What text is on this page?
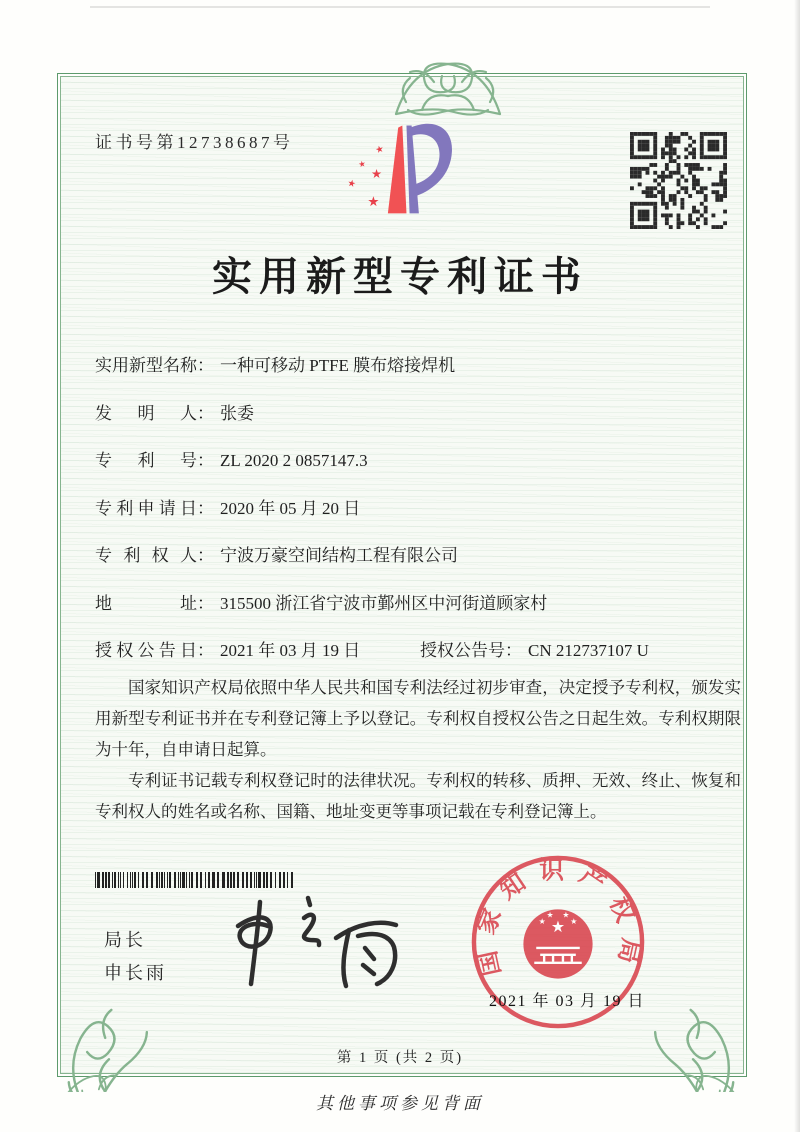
证书号第12738687号	★
★
★
★
★
实用新型专利证书
实用新型名称： 一种可移动 PTFE 膜布熔接焊机
发明人： 张委
专利号： ZL 2020 2 0857147.3
专利申请日： 2020 年 05 月 20 日
专利权人： 宁波万豪空间结构工程有限公司
地址： 315500 浙江省宁波市鄞州区中河街道顾家村
授权公告日： 2021 年 03 月 19 日	授权公告号： CN 212737107 U

国家知识产权局依照中华人民共和国专利法经过初步审查，决定授予专利权，颁发实用新型专利证书并在专利登记簿上予以登记。专利权自授权公告之日起生效。专利权期限为十年，自申请日起算。

专利证书记载专利权登记时的法律状况。专利权的转移、质押、无效、终止、恢复和专利权人的姓名或名称、国籍、地址变更等事项记载在专利登记簿上。

局长
申长雨	国家知识产权局
★
★
★ ★
★
2021 年 03 月 19 日
第 1 页 (共 2 页)
其他事项参见背面
